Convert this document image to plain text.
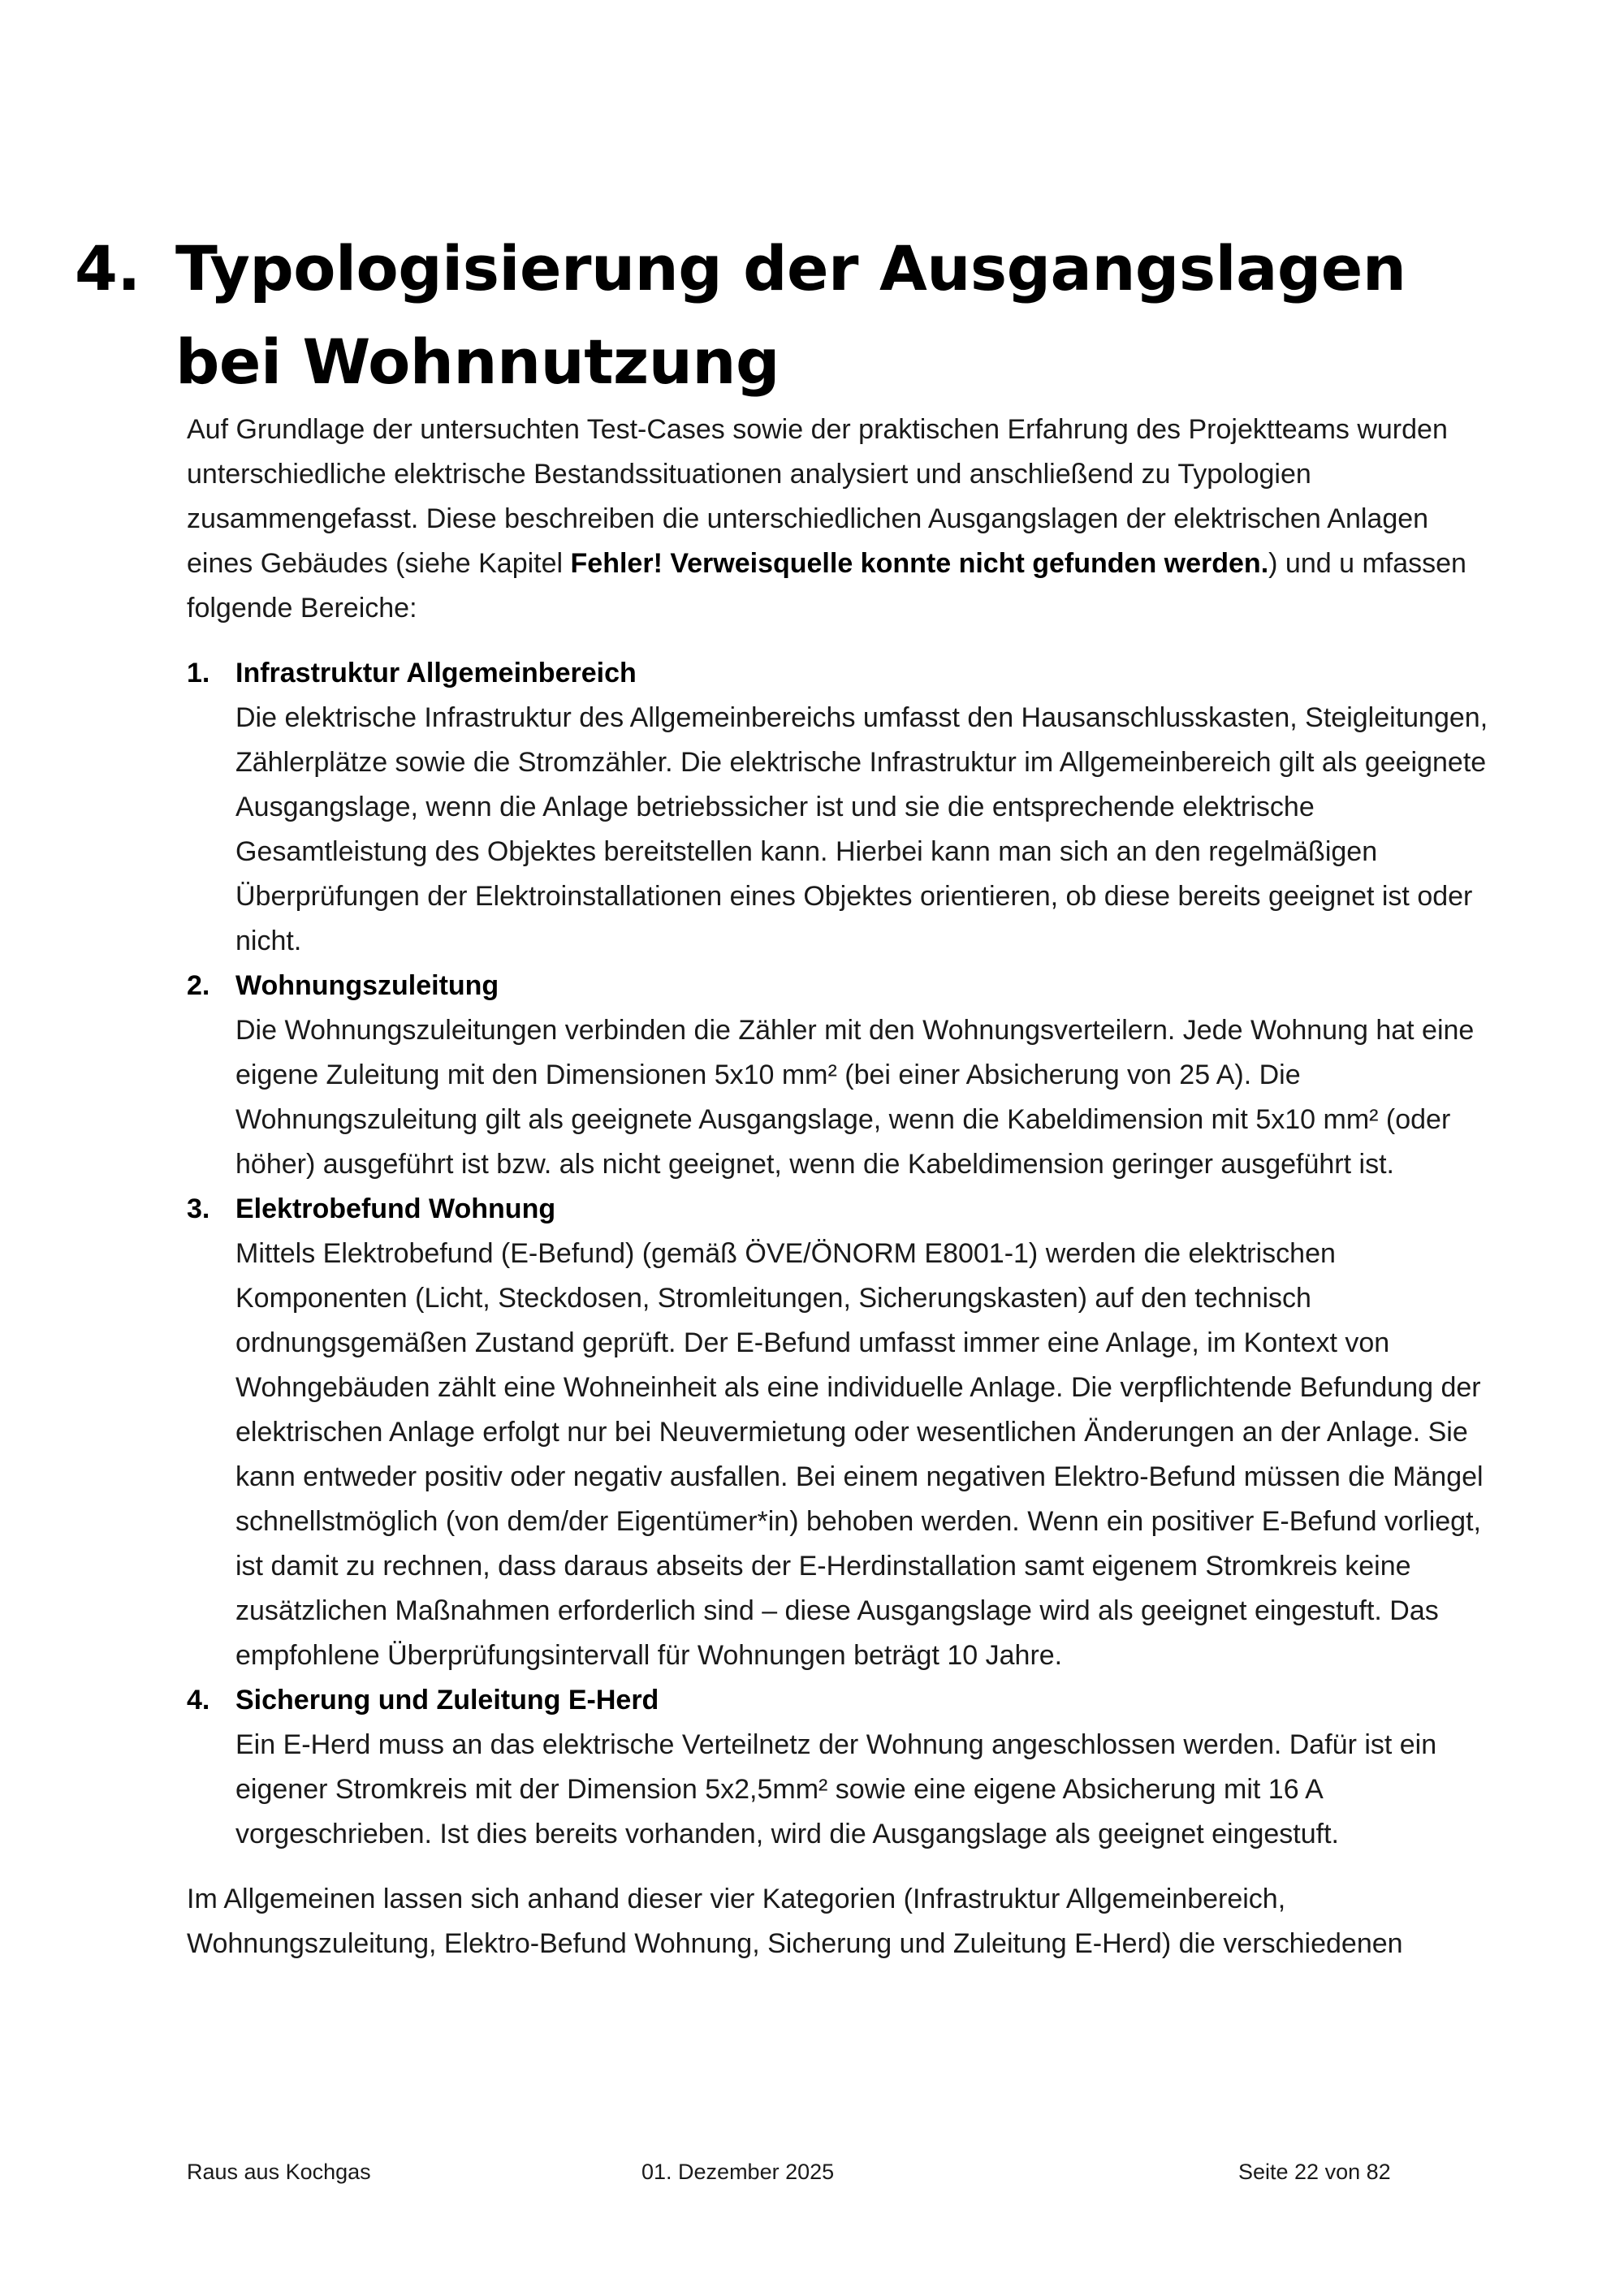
4. Typologisierung der Ausgangslagen bei Wohnnutzung

Auf Grundlage der untersuchten Test-Cases sowie der praktischen Erfahrung des Projektteams wurden unterschiedliche elektrische Bestandssituationen analysiert und anschließend zu Typologien zusammengefasst. Diese beschreiben die unterschiedlichen Ausgangslagen der elektrischen Anlagen eines Gebäudes (siehe Kapitel Fehler! Verweisquelle konnte nicht gefunden werden.) und u mfassen folgende Bereiche:

1. Infrastruktur Allgemeinbereich
Die elektrische Infrastruktur des Allgemeinbereichs umfasst den Hausanschlusskasten, Steigleitungen, Zählerplätze sowie die Stromzähler. Die elektrische Infrastruktur im Allgemeinbereich gilt als geeignete Ausgangslage, wenn die Anlage betriebssicher ist und sie die entsprechende elektrische Gesamtleistung des Objektes bereitstellen kann. Hierbei kann man sich an den regelmäßigen Überprüfungen der Elektroinstallationen eines Objektes orientieren, ob diese bereits geeignet ist oder nicht.
2. Wohnungszuleitung
Die Wohnungszuleitungen verbinden die Zähler mit den Wohnungsverteilern. Jede Wohnung hat eine eigene Zuleitung mit den Dimensionen 5x10 mm² (bei einer Absicherung von 25 A). Die Wohnungszuleitung gilt als geeignete Ausgangslage, wenn die Kabeldimension mit 5x10 mm² (oder höher) ausgeführt ist bzw. als nicht geeignet, wenn die Kabeldimension geringer ausgeführt ist.
3. Elektrobefund Wohnung
Mittels Elektrobefund (E-Befund) (gemäß ÖVE/ÖNORM E8001-1) werden die elektrischen Komponenten (Licht, Steckdosen, Stromleitungen, Sicherungskasten) auf den technisch ordnungsgemäßen Zustand geprüft. Der E-Befund umfasst immer eine Anlage, im Kontext von Wohngebäuden zählt eine Wohneinheit als eine individuelle Anlage. Die verpflichtende Befundung der elektrischen Anlage erfolgt nur bei Neuvermietung oder wesentlichen Änderungen an der Anlage. Sie kann entweder positiv oder negativ ausfallen. Bei einem negativen Elektro-Befund müssen die Mängel schnellstmöglich (von dem/der Eigentümer*in) behoben werden. Wenn ein positiver E-Befund vorliegt, ist damit zu rechnen, dass daraus abseits der E-Herdinstallation samt eigenem Stromkreis keine zusätzlichen Maßnahmen erforderlich sind – diese Ausgangslage wird als geeignet eingestuft. Das empfohlene Überprüfungsintervall für Wohnungen beträgt 10 Jahre.
4. Sicherung und Zuleitung E-Herd
Ein E-Herd muss an das elektrische Verteilnetz der Wohnung angeschlossen werden. Dafür ist ein eigener Stromkreis mit der Dimension 5x2,5mm² sowie eine eigene Absicherung mit 16 A vorgeschrieben. Ist dies bereits vorhanden, wird die Ausgangslage als geeignet eingestuft.

Im Allgemeinen lassen sich anhand dieser vier Kategorien (Infrastruktur Allgemeinbereich, Wohnungszuleitung, Elektro-Befund Wohnung, Sicherung und Zuleitung E-Herd) die verschiedenen

Raus aus Kochgas	01. Dezember 2025	Seite 22 von 82
